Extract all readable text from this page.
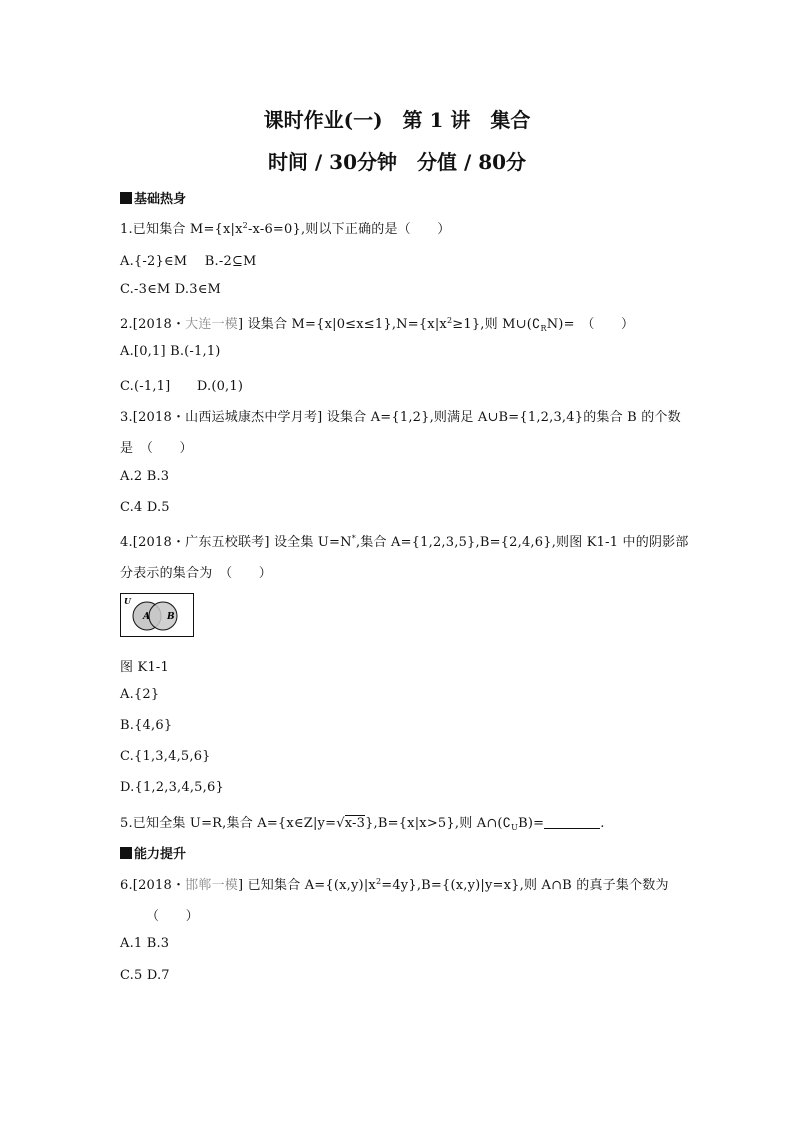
课时作业(一)　第 1 讲　集合
时间 / 30分钟　分值 / 80分
基础热身
1.已知集合 $M=\{x|x^2-x-6=0\}$,则以下正确的是（　　）
A.{-2}∈M　 B.-2⊆M
C.-3∈M D.3∈M
2.[2018・大连一模] 设集合 $M=\{x|0\le x\le 1\},N=\{x|x^2\ge 1\}$,则 $M\cup(∁_RN)=$　（　　）
A.[0,1] B.(-1,1)
C.(-1,1]　　D.(0,1)
3.[2018・山西运城康杰中学月考] 设集合 A={1,2},则满足 A∪B={1,2,3,4}的集合 B 的个数
是　（　　）
A.2 B.3
C.4 D.5
4.[2018・广东五校联考] 设全集 U=N*,集合 A={1,2,3,5},B={2,4,6},则图 K1-1 中的阴影部
分表示的集合为　（　　）
U
A B
图 K1-1
A.{2}
B.{4,6}
C.{1,3,4,5,6}
D.{1,2,3,4,5,6}
5.已知全集 U=R,集合 A={x∈Z|y=√x-3},B={x|x>5},则 $A\cap(∁_UB)=$	.
能力提升
6.[2018・邯郸一模] 已知集合 $A=\{(x,y)|x^2=4y\},B=\{(x,y)|y=x\}$,则 A∩B 的真子集个数为
（　　）
A.1 B.3
C.5 D.7
